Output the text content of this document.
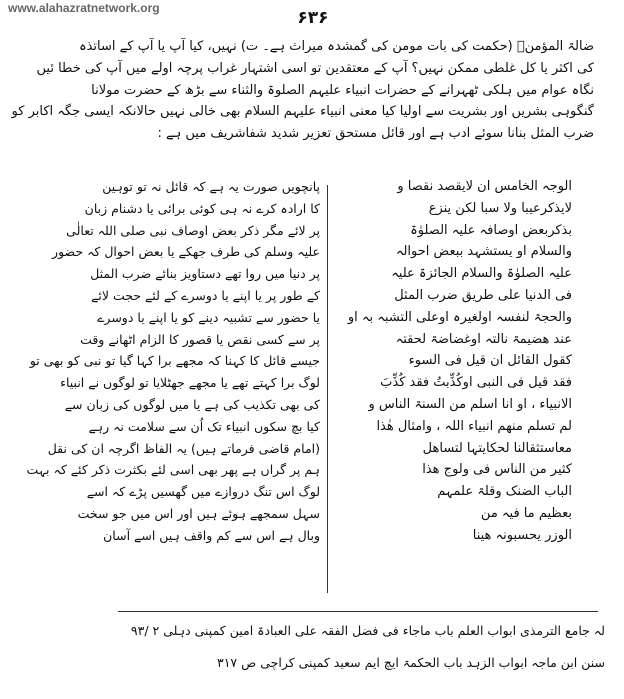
www.alahazratnetwork.org	۶۳۶
ضالۃ المؤمنؑ (حکمت کی بات مومن کی گمشدہ میراث ہے۔ ت) نہیں، کیا آپ یا آپ کے اساتذہ
کی اکثر یا کل غلطی ممکن نہیں؟ آپ کے معتقدین تو اسی اشتہار غراب پرچہ اولے میں آپ کی خطا ئیں
نگاہ عوام میں ہلکی ٹھہرانے کے حضرات انبیاء علیہم الصلوۃ والثناء سے بڑھ کے حضرت مولانا
گنگوہی بشریں اور بشریت سے اولیا کیا معنی انبیاء علیہم السلام بھی خالی نہیں حالانکہ ایسی جگہ اکابر کو
ضرب المثل بنانا سوئے ادب ہے اور قائل مستحق تعزیر شدید شفاشریف میں ہے :
الوجہ الخامس ان لایقصد نقصا و
لایذکرعیبا ولا سبا لکن ینزع
بذکربعض اوصافہ علیہ الصلوٰۃ
والسلام او یستشہد ببعض احوالہ
علیہ الصلوٰۃ والسلام الجائزۃ علیہ
فی الدنیا علی طریق ضرب المثل
والحجۃ لنفسہ اولغیرہ اوعلی التشبہ بہ او
عند ھضیمۃ نالتہ اوغضاضۃ لحقتہ
کقول القائل ان قیل فی السوء
فقد قیل فی النبی اوکُذِّبتُ فقد کُذِّبَ
الانبیاء ، او انا اسلم من السنۃ الناس و
لم تسلم منھم انبیاء اللہ ، وامثال ھٰذا
معاستثقالنا لحکایتہا لتساھل
کثیر من الناس فی ولوج ھذا
الباب الضنک وقلۃ علمہم
بعظیم ما فیہ من
الوزر یحسبونہ ھینا
پانچویں صورت یہ ہے کہ قائل نہ تو توہین
کا ارادہ کرے نہ ہی کوئی برائی یا دشنام زبان
پر لائے مگر ذکر بعض اوصاف نبی صلی اللہ تعالٰی
علیہ وسلم کی طرف جھکے یا بعض احوال کہ حضور
پر دنیا میں روا تھے دستاویز بنائے ضرب المثل
کے طور پر یا اپنے یا دوسرے کے لئے حجت لائے
یا حضور سے تشبیہ دینے کو یا اپنے یا دوسرے
پر سے کسی نقص یا قصور کا الزام اٹھانے وقت
جیسے قائل کا کہنا کہ مجھے برا کہا گیا تو نبی کو بھی تو
لوگ برا کہتے تھے یا مجھے جھٹلایا تو لوگوں نے انبیاء
کی بھی تکذیب کی ہے یا میں لوگوں کی زبان سے
کیا بچ سکوں انبیاء تک اُن سے سلامت نہ رہے
(امام قاضی فرماتے ہیں) یہ الفاظ اگرچہ ان کی نقل
ہم پر گراں ہے پھر بھی اسی لئے بکثرت ذکر کئے کہ بہت
لوگ اس تنگ دروازے میں گھسیں پڑے کہ اسے
سہل سمجھے ہوئے ہیں اور اس میں جو سخت
وبال ہے اس سے کم واقف ہیں اسے آسان
لہ جامع الترمذی ابواب العلم باب ماجاء فی فضل الفقہ علی العبادۃ امین کمپنی دہلی ۲ /۹۳
سنن ابن ماجہ ابواب الزہد باب الحکمۃ ایچ ایم سعید کمپنی کراچی ص ۳۱۷
